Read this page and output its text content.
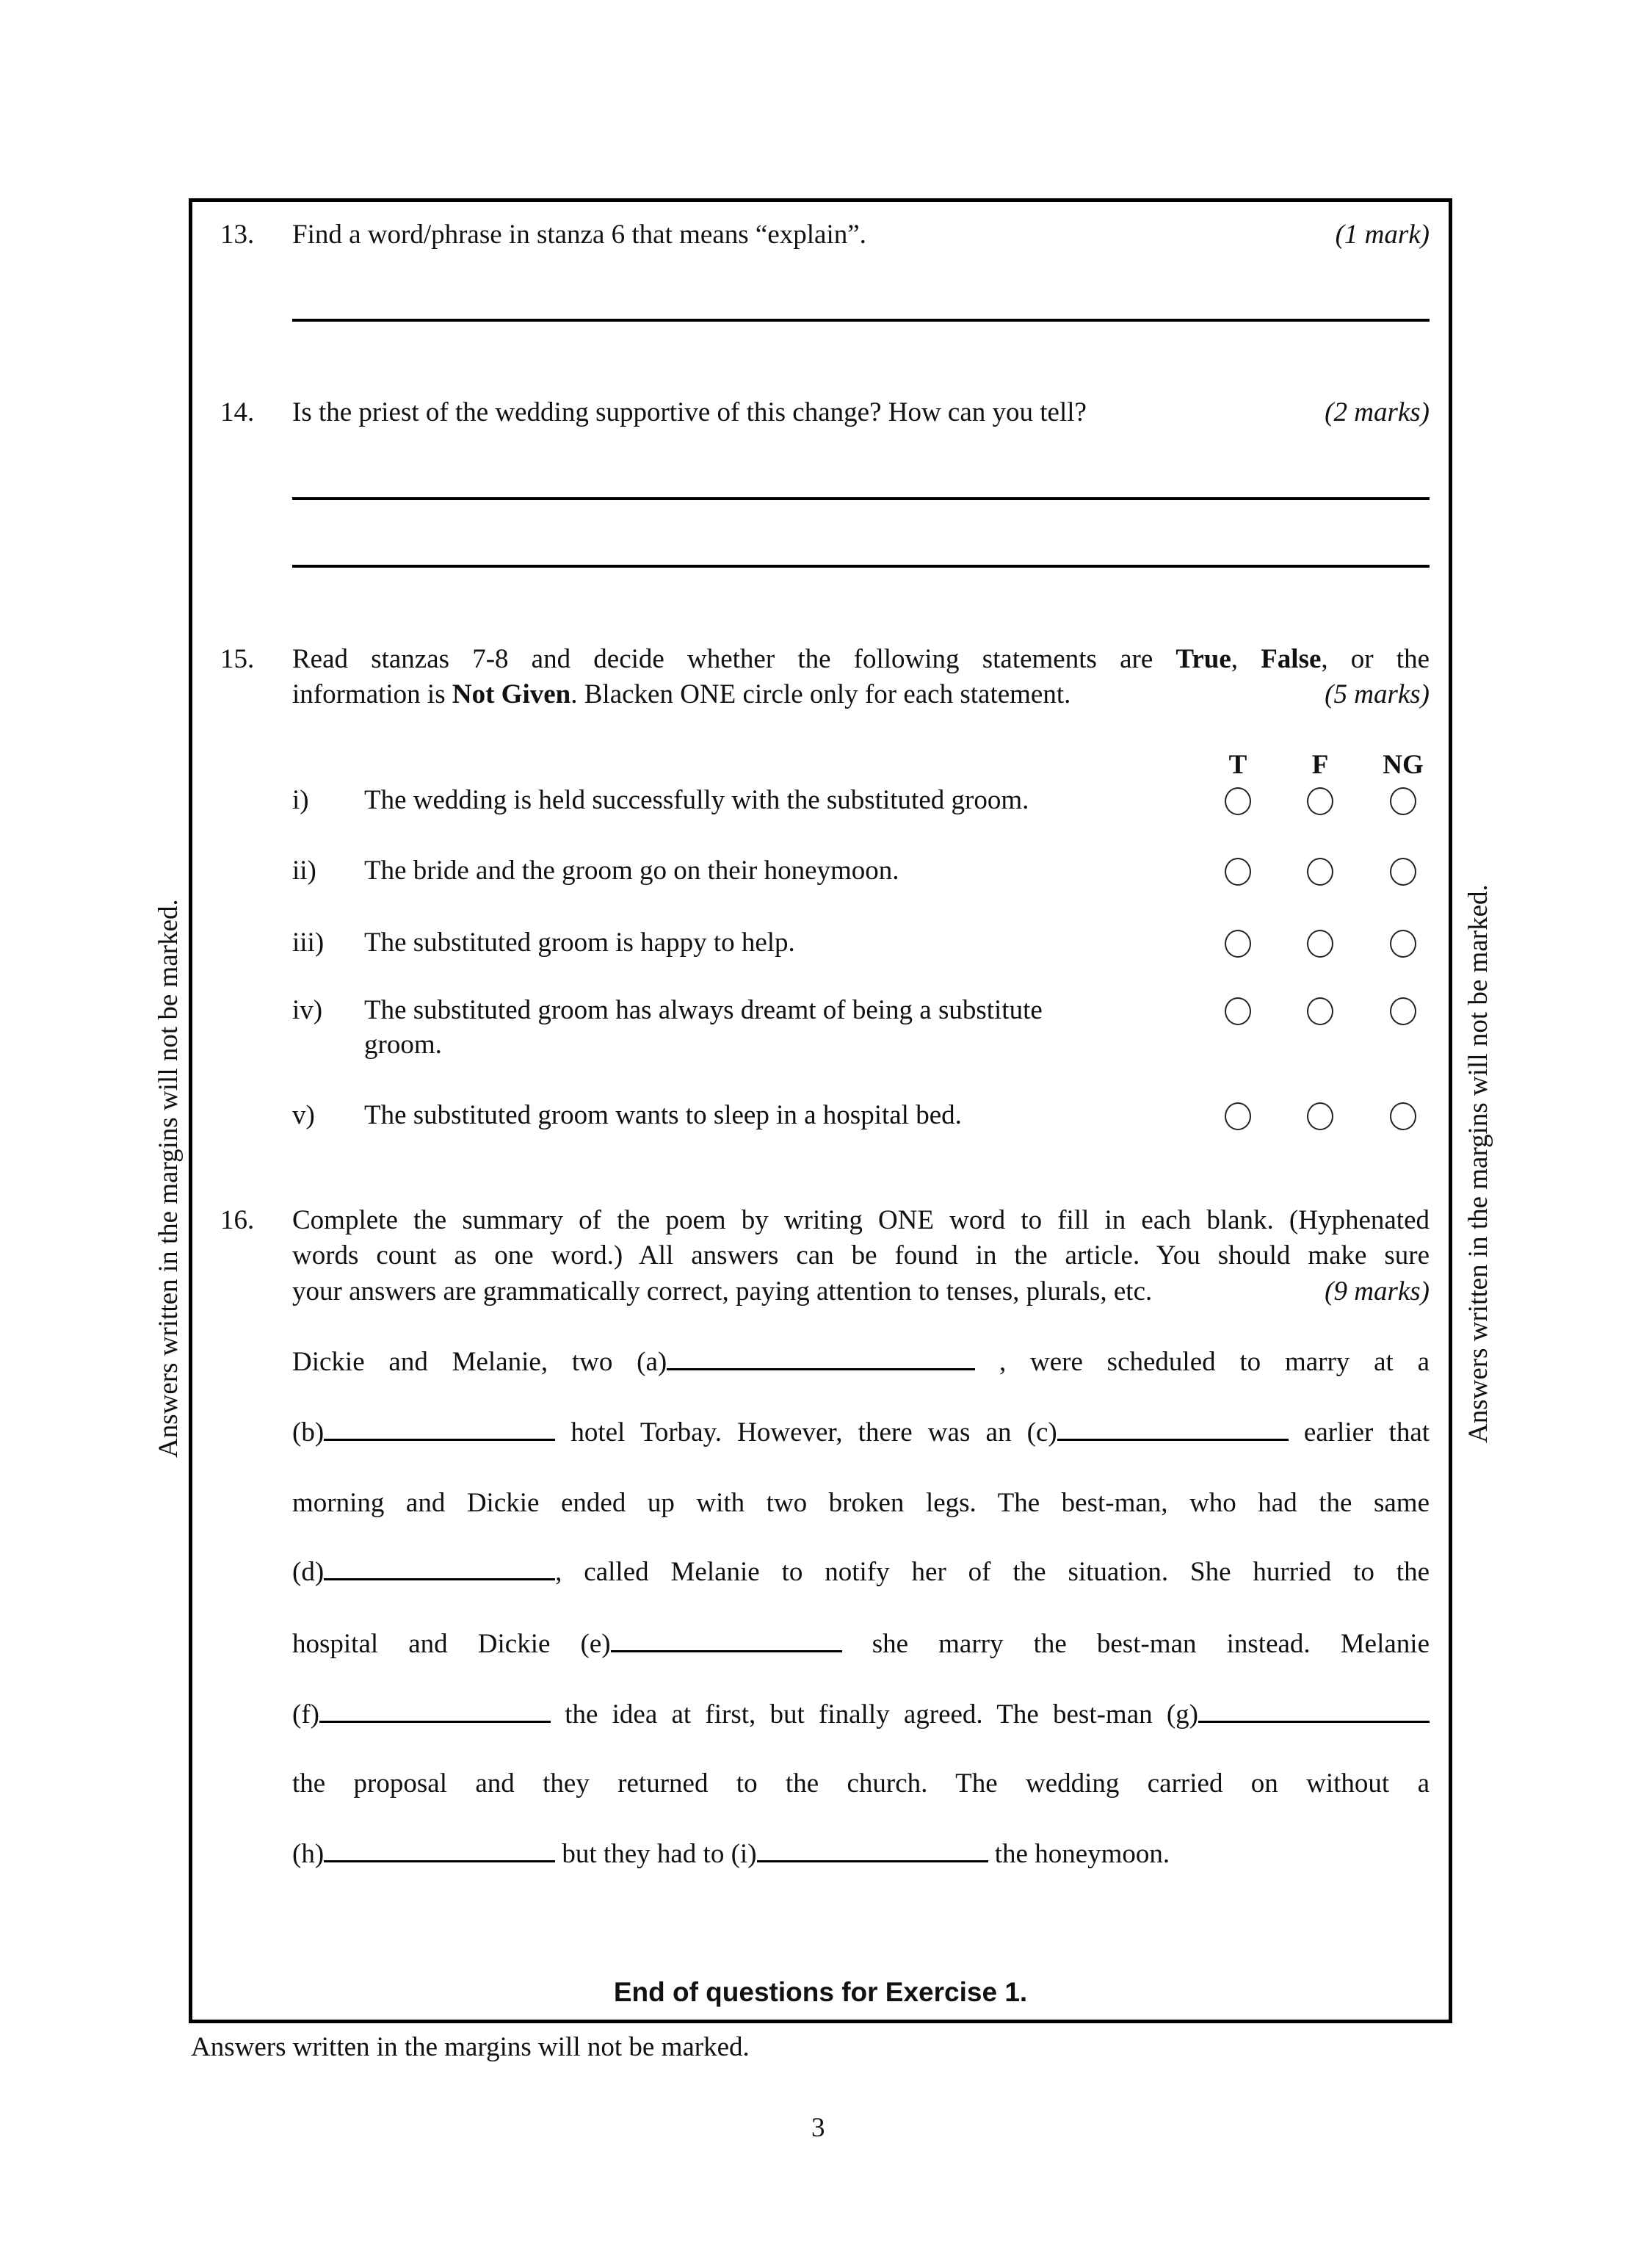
Answers written in the margins will not be marked.	Answers written in the margins will not be marked.
13. Find a word/phrase in stanza 6 that means “explain”.	(1 mark)
14. Is the priest of the wedding supportive of this change? How can you tell?	(2 marks)
15. Read stanzas 7-8 and decide whether the following statements are True, False, or the
information is Not Given. Blacken ONE circle only for each statement.	(5 marks)
T	F	NG
i) The wedding is held successfully with the substituted groom.
ii) The bride and the groom go on their honeymoon.
iii) The substituted groom is happy to help.
iv) The substituted groom has always dreamt of being a substitute
groom.
v) The substituted groom wants to sleep in a hospital bed.
16. Complete the summary of the poem by writing ONE word to fill in each blank. (Hyphenated
words count as one word.) All answers can be found in the article. You should make sure
your answers are grammatically correct, paying attention to tenses, plurals, etc.	(9 marks)
Dickie and Melanie, two (a)	, were scheduled to marry at a
(b)	hotel Torbay. However, there was an (c)	earlier that
morning and Dickie ended up with two broken legs. The best-man, who had the same
(d)	, called Melanie to notify her of the situation. She hurried to the
hospital and Dickie (e)	she marry the best-man instead. Melanie
(f)	the idea at first, but finally agreed. The best-man (g)
the proposal and they returned to the church. The wedding carried on without a
(h)	but they had to (i)	the honeymoon.
End of questions for Exercise 1.
Answers written in the margins will not be marked.
3
